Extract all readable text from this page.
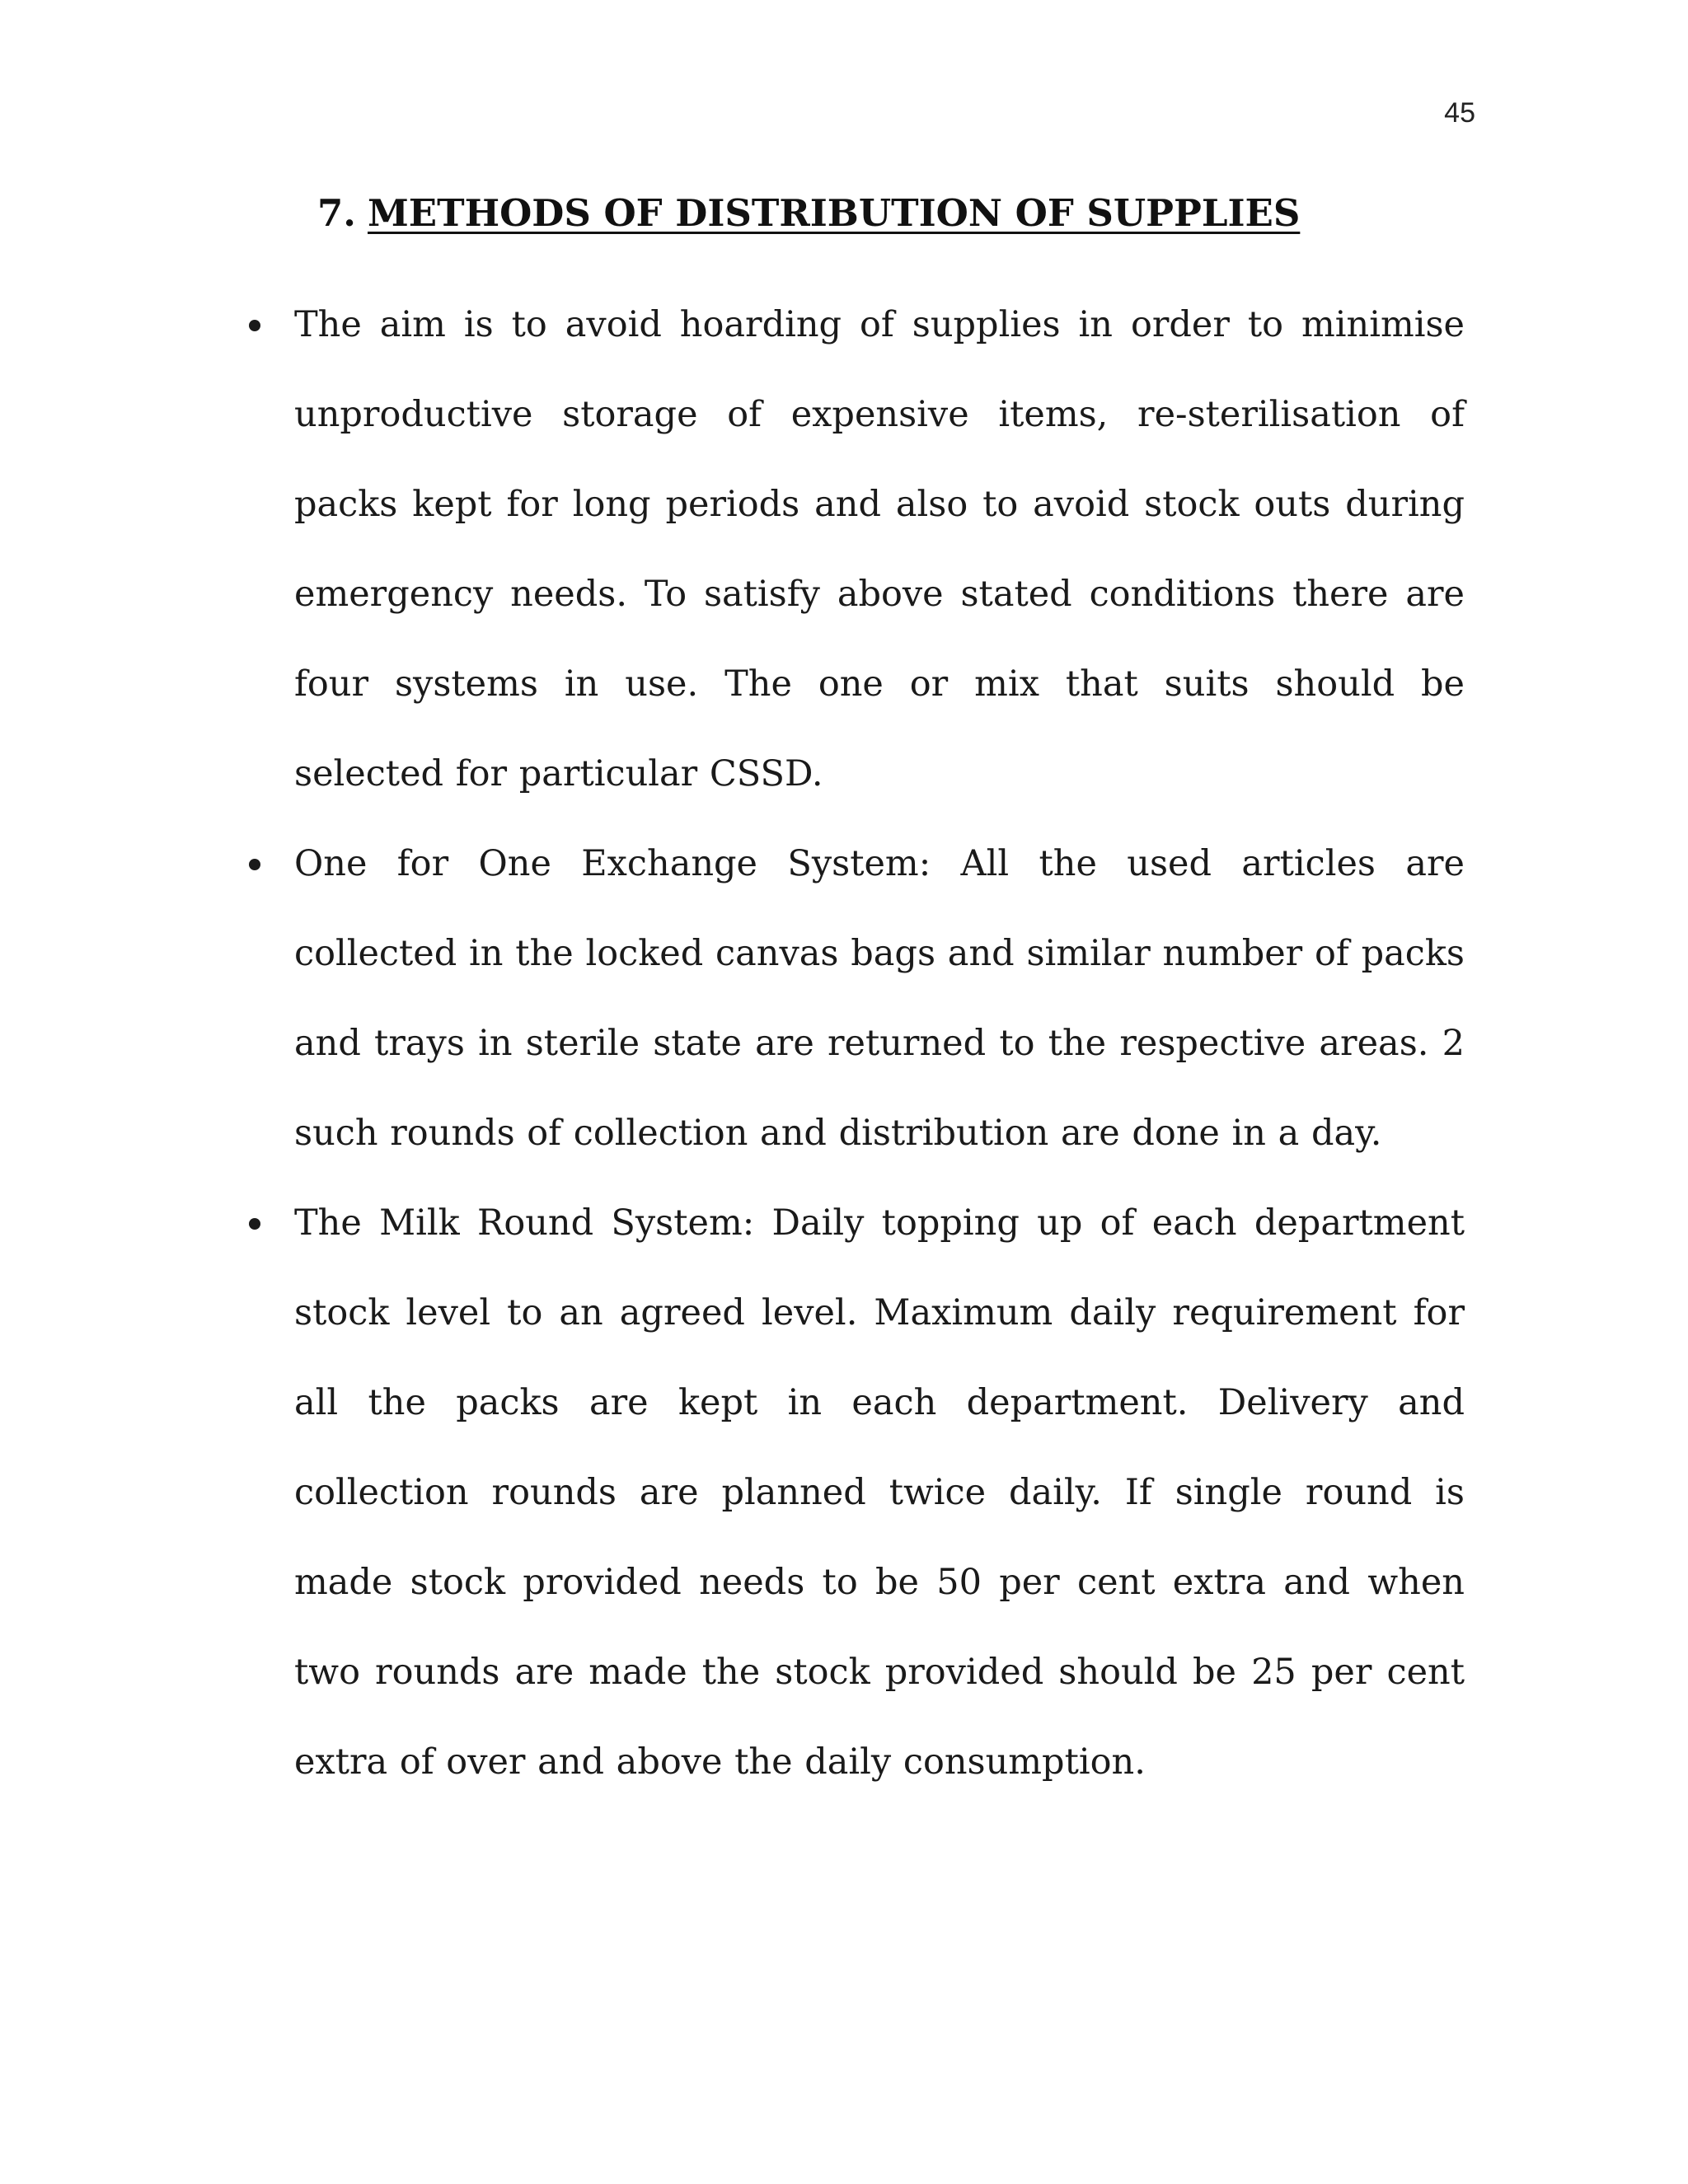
45
7. METHODS OF DISTRIBUTION OF SUPPLIES

The aim is to avoid hoarding of supplies in order to minimise unproductive storage of expensive items, re-sterilisation of packs kept for long periods and also to avoid stock outs during emergency needs. To satisfy above stated conditions there are four systems in use. The one or mix that suits should be selected for particular CSSD.

One for One Exchange System: All the used articles are collected in the locked canvas bags and similar number of packs and trays in sterile state are returned to the respective areas. 2 such rounds of collection and distribution are done in a day.

The Milk Round System: Daily topping up of each department stock level to an agreed level. Maximum daily requirement for all the packs are kept in each department. Delivery and collection rounds are planned twice daily. If single round is made stock provided needs to be 50 per cent extra and when two rounds are made the stock provided should be 25 per cent extra of over and above the daily consumption.
